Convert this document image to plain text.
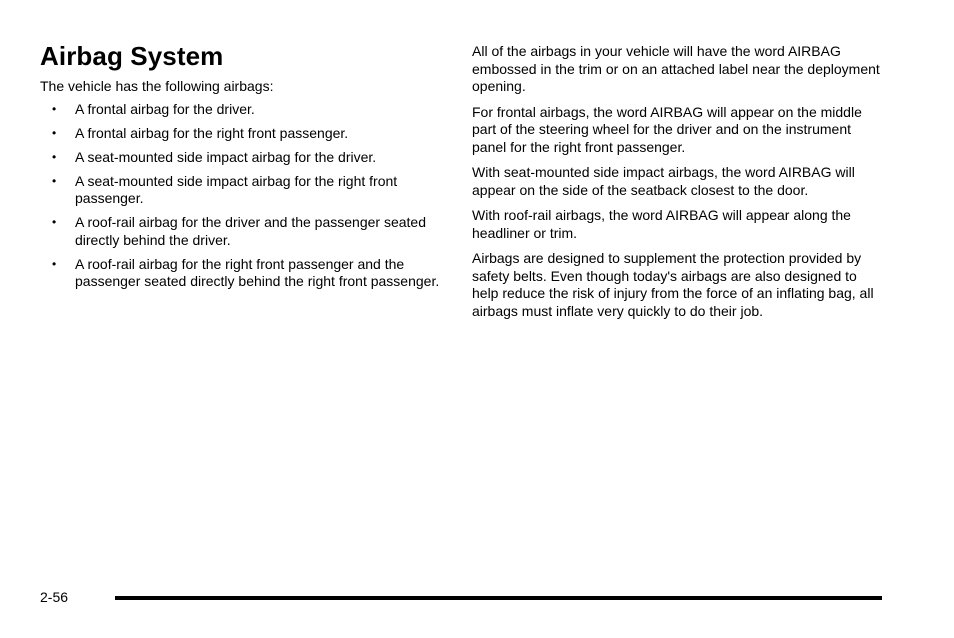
Airbag System

The vehicle has the following airbags:

• A frontal airbag for the driver.
• A frontal airbag for the right front passenger.
• A seat-mounted side impact airbag for the driver.
• A seat-mounted side impact airbag for the right front passenger.
• A roof-rail airbag for the driver and the passenger seated directly behind the driver.
• A roof-rail airbag for the right front passenger and the passenger seated directly behind the right front passenger.

All of the airbags in your vehicle will have the word AIRBAG embossed in the trim or on an attached label near the deployment opening.

For frontal airbags, the word AIRBAG will appear on the middle part of the steering wheel for the driver and on the instrument panel for the right front passenger.

With seat-mounted side impact airbags, the word AIRBAG will appear on the side of the seatback closest to the door.

With roof-rail airbags, the word AIRBAG will appear along the headliner or trim.

Airbags are designed to supplement the protection provided by safety belts. Even though today's airbags are also designed to help reduce the risk of injury from the force of an inflating bag, all airbags must inflate very quickly to do their job.

2-56
